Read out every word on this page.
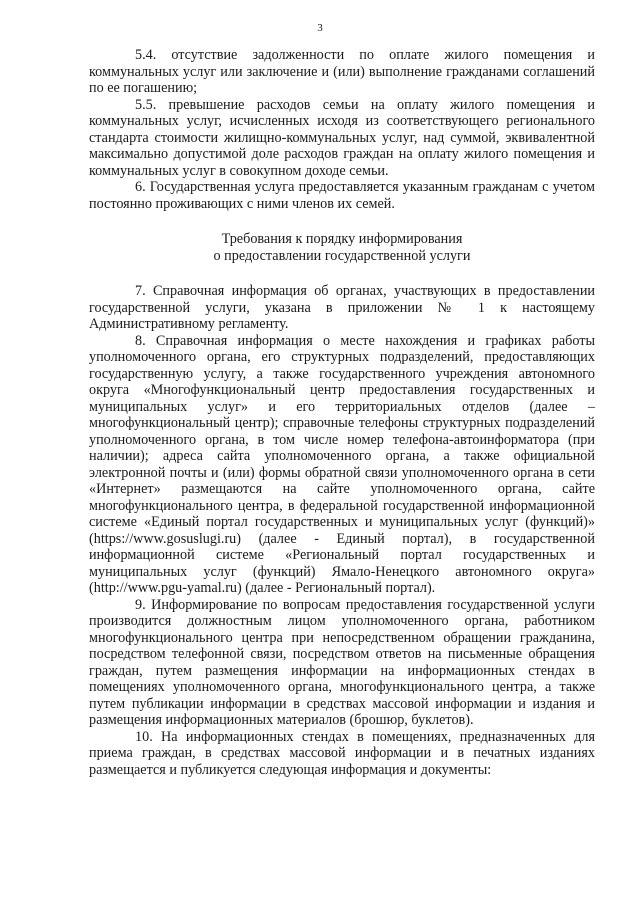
3

5.4. отсутствие задолженности по оплате жилого помещения и коммунальных услуг или заключение и (или) выполнение гражданами соглашений по ее погашению;

5.5. превышение расходов семьи на оплату жилого помещения и коммунальных услуг, исчисленных исходя из соответствующего регионального стандарта стоимости жилищно-коммунальных услуг, над суммой, эквивалентной максимально допустимой доле расходов граждан на оплату жилого помещения и коммунальных услуг в совокупном доходе семьи.

6. Государственная услуга предоставляется указанным гражданам с учетом постоянно проживающих с ними членов их семей.

Требования к порядку информирования
о предоставлении государственной услуги

7. Справочная информация об органах, участвующих в предоставлении государственной услуги, указана в приложении № 1 к настоящему Административному регламенту.

8. Справочная информация о месте нахождения и графиках работы уполномоченного органа, его структурных подразделений, предоставляющих государственную услугу, а также государственного учреждения автономного округа «Многофункциональный центр предоставления государственных и муниципальных услуг» и его территориальных отделов (далее – многофункциональный центр); справочные телефоны структурных подразделений уполномоченного органа, в том числе номер телефона-автоинформатора (при наличии); адреса сайта уполномоченного органа, а также официальной электронной почты и (или) формы обратной связи уполномоченного органа в сети «Интернет» размещаются на сайте уполномоченного органа, сайте многофункционального центра, в федеральной государственной информационной системе «Единый портал государственных и муниципальных услуг (функций)» (https://www.gosuslugi.ru) (далее - Единый портал), в государственной информационной системе «Региональный портал государственных и муниципальных услуг (функций) Ямало-Ненецкого автономного округа» (http://www.pgu-yamal.ru) (далее - Региональный портал).

9. Информирование по вопросам предоставления государственной услуги производится должностным лицом уполномоченного органа, работником многофункционального центра при непосредственном обращении гражданина, посредством телефонной связи, посредством ответов на письменные обращения граждан, путем размещения информации на информационных стендах в помещениях уполномоченного органа, многофункционального центра, а также путем публикации информации в средствах массовой информации и издания и размещения информационных материалов (брошюр, буклетов).

10. На информационных стендах в помещениях, предназначенных для приема граждан, в средствах массовой информации и в печатных изданиях размещается и публикуется следующая информация и документы:
